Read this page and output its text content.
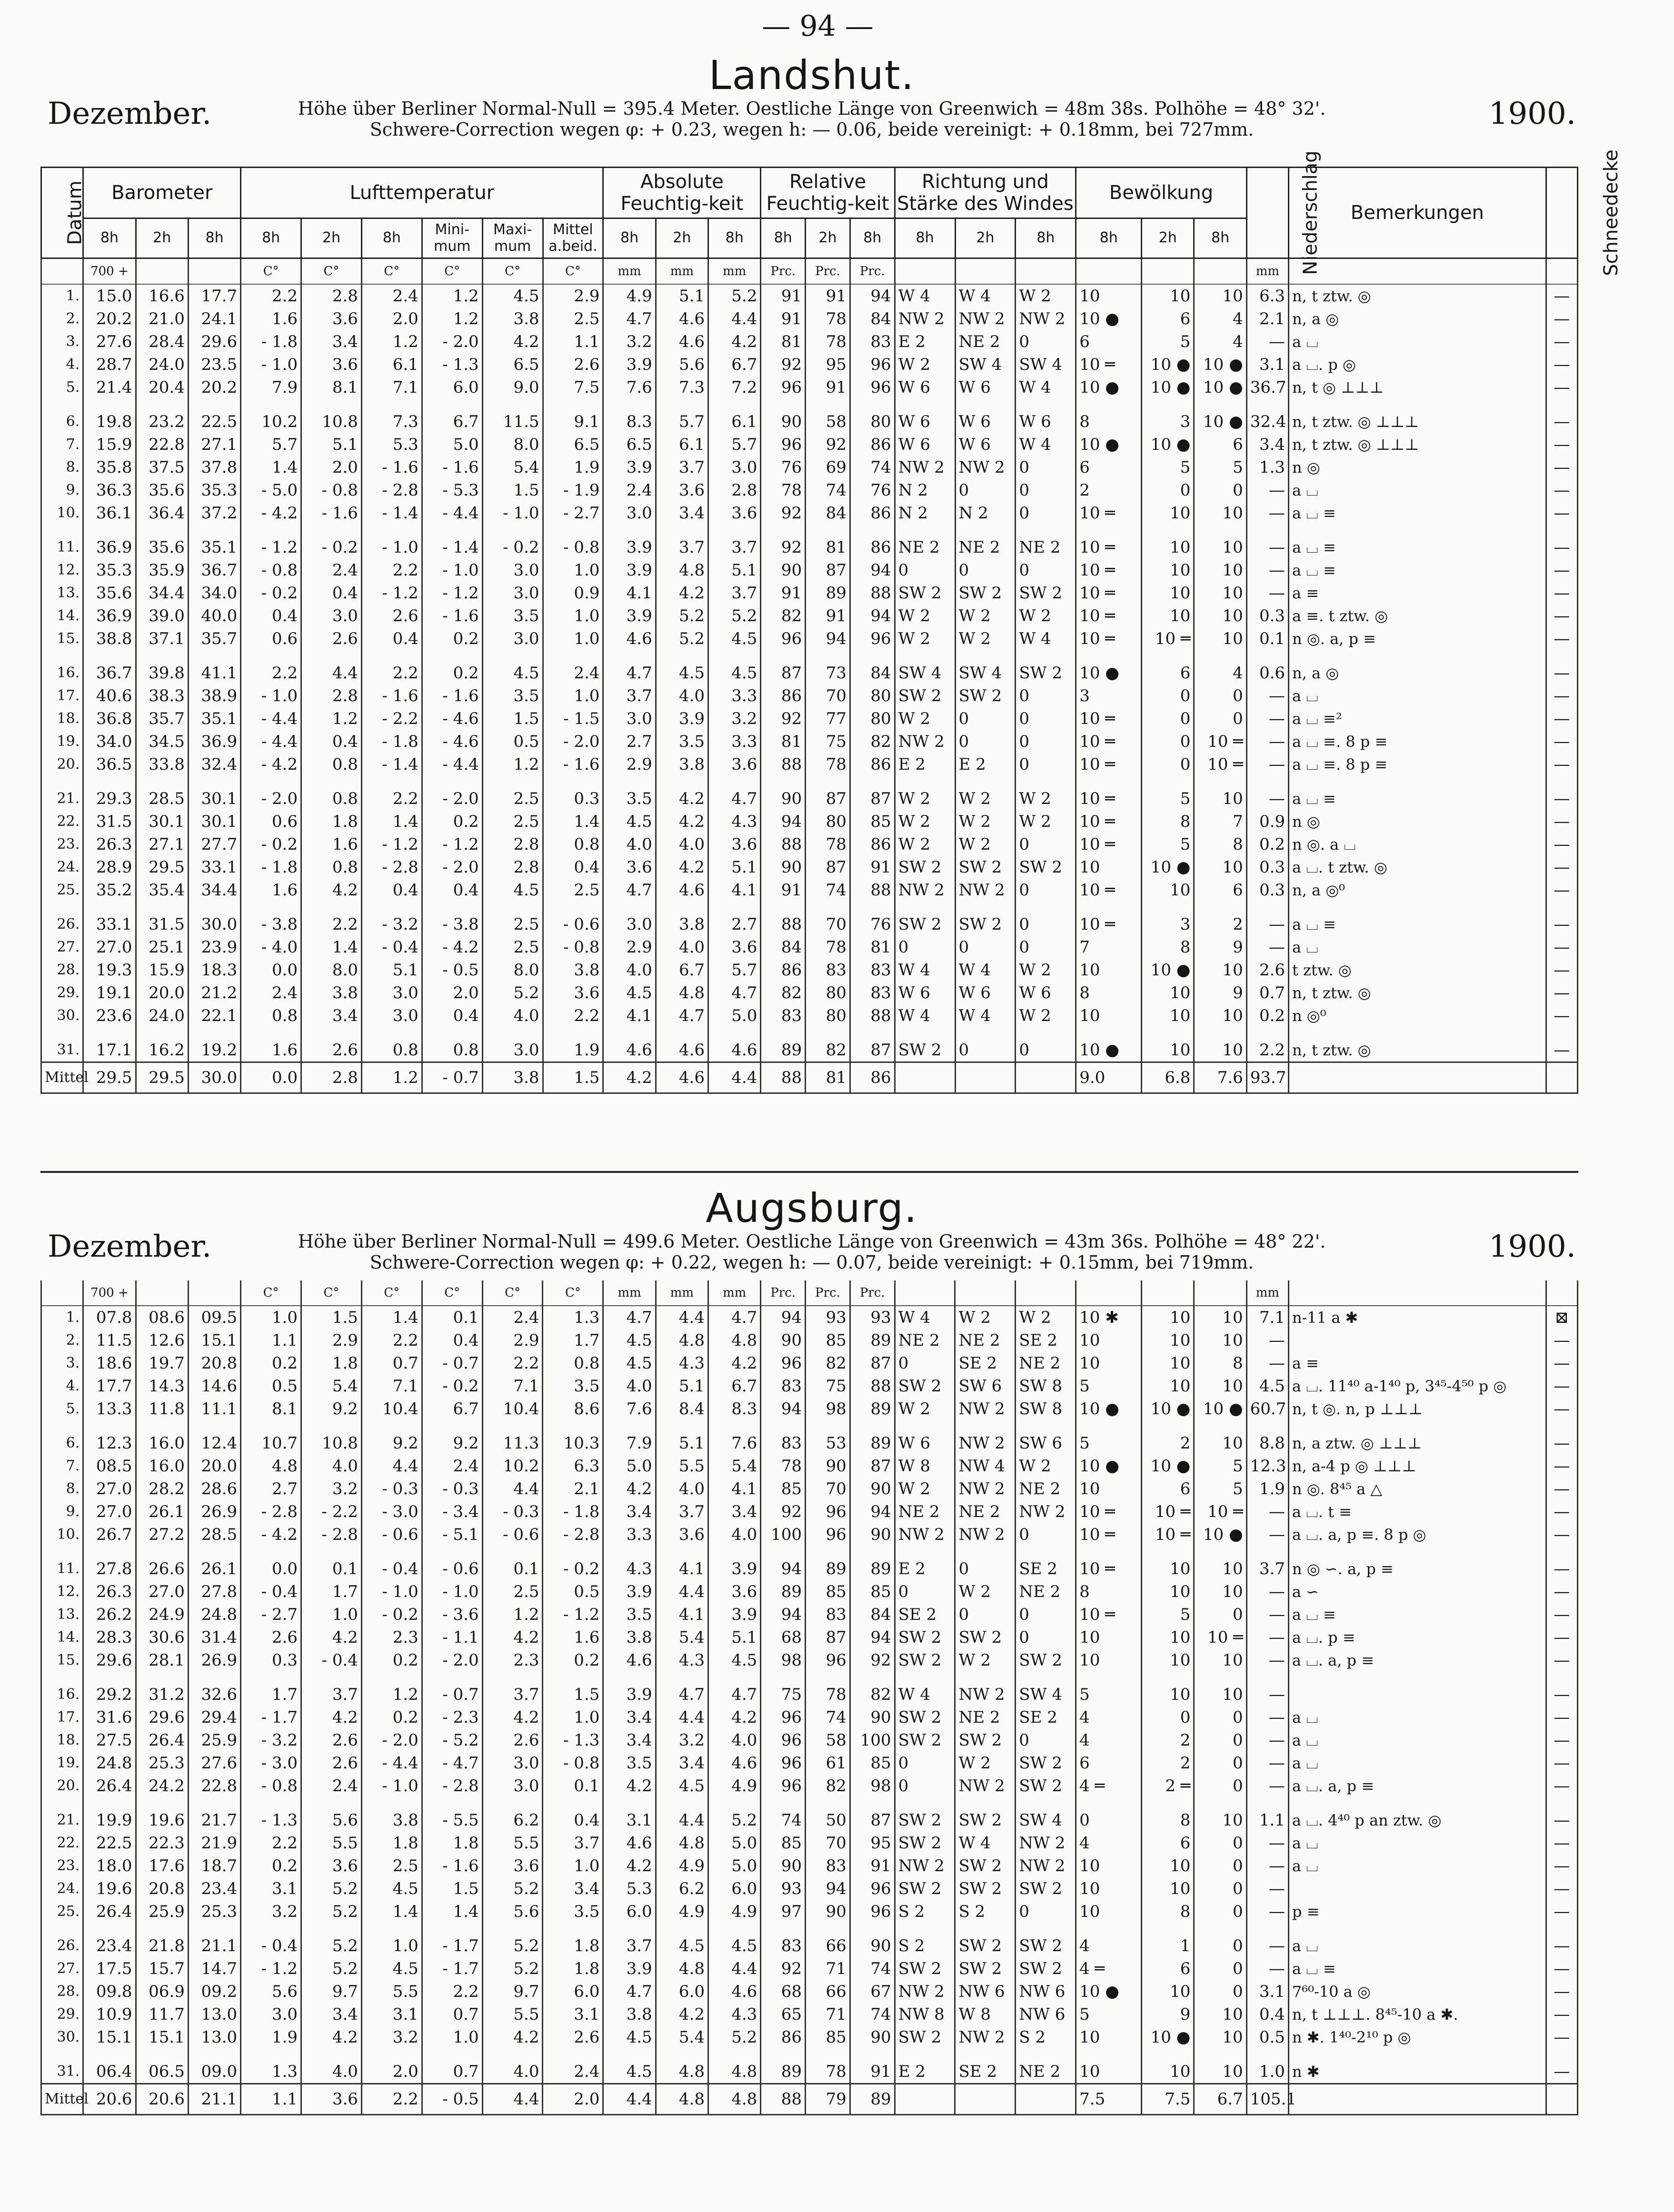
— 94 —
Landshut.
Dezember.	1900.
Höhe über Berliner Normal-Null = 395.4 Meter. Oestliche Länge von Greenwich = 48m 38s. Polhöhe = 48° 32'.
Schwere-Correction wegen φ: + 0.23, wegen h: — 0.06, beide vereinigt: + 0.18mm, bei 727mm.
Datum	Barometer			Lufttemperatur						Absolute Feuchtig-keit			Relative Feuchtig-keit			Richtung und Stärke des Windes			Bewölkung			Niederschlag	Bemerkungen	Schneedecke
	8h	2h	8h	8h	2h	8h	Mini-mum	Maxi-mum	Mittel a.beid.	8h	2h	8h	8h	2h	8h	8h	2h	8h	8h	2h	8h			
	700 +			C°	C°	C°	C°	C°	C°	mm	mm	mm	Prc.	Prc.	Prc.							mm		
1.	15.0	16.6	17.7	2.2	2.8	2.4	1.2	4.5	2.9	4.9	5.1	5.2	91	91	94	W 4	W 4	W 2	10	10	10	6.3	n, t ztw. ◎	—
2.	20.2	21.0	24.1	1.6	3.6	2.0	1.2	3.8	2.5	4.7	4.6	4.4	91	78	84	NW 2	NW 2	NW 2	10 ●	6	4	2.1	n, a ◎	—
3.	27.6	28.4	29.6	- 1.8	3.4	1.2	- 2.0	4.2	1.1	3.2	4.6	4.2	81	78	83	E 2	NE 2	0	6	5	4	—	a ⌴	—
4.	28.7	24.0	23.5	- 1.0	3.6	6.1	- 1.3	6.5	2.6	3.9	5.6	6.7	92	95	96	W 2	SW 4	SW 4	10 ═	10 ●	10 ●	3.1	a ⌴. p ◎	—
5.	21.4	20.4	20.2	7.9	8.1	7.1	6.0	9.0	7.5	7.6	7.3	7.2	96	91	96	W 6	W 6	W 4	10 ●	10 ●	10 ●	36.7	n, t ◎ ⊥⊥⊥	—

6.	19.8	23.2	22.5	10.2	10.8	7.3	6.7	11.5	9.1	8.3	5.7	6.1	90	58	80	W 6	W 6	W 6	8	3	10 ●	32.4	n, t ztw. ◎ ⊥⊥⊥	—
7.	15.9	22.8	27.1	5.7	5.1	5.3	5.0	8.0	6.5	6.5	6.1	5.7	96	92	86	W 6	W 6	W 4	10 ●	10 ●	6	3.4	n, t ztw. ◎ ⊥⊥⊥	—
8.	35.8	37.5	37.8	1.4	2.0	- 1.6	- 1.6	5.4	1.9	3.9	3.7	3.0	76	69	74	NW 2	NW 2	0	6	5	5	1.3	n ◎	—
9.	36.3	35.6	35.3	- 5.0	- 0.8	- 2.8	- 5.3	1.5	- 1.9	2.4	3.6	2.8	78	74	76	N 2	0	0	2	0	0	—	a ⌴	—
10.	36.1	36.4	37.2	- 4.2	- 1.6	- 1.4	- 4.4	- 1.0	- 2.7	3.0	3.4	3.6	92	84	86	N 2	N 2	0	10 ═	10	10	—	a ⌴ ≡	—

11.	36.9	35.6	35.1	- 1.2	- 0.2	- 1.0	- 1.4	- 0.2	- 0.8	3.9	3.7	3.7	92	81	86	NE 2	NE 2	NE 2	10 ═	10	10	—	a ⌴ ≡	—
12.	35.3	35.9	36.7	- 0.8	2.4	2.2	- 1.0	3.0	1.0	3.9	4.8	5.1	90	87	94	0	0	0	10 ═	10	10	—	a ⌴ ≡	—
13.	35.6	34.4	34.0	- 0.2	0.4	- 1.2	- 1.2	3.0	0.9	4.1	4.2	3.7	91	89	88	SW 2	SW 2	SW 2	10 ═	10	10	—	a ≡	—
14.	36.9	39.0	40.0	0.4	3.0	2.6	- 1.6	3.5	1.0	3.9	5.2	5.2	82	91	94	W 2	W 2	W 2	10 ═	10	10	0.3	a ≡. t ztw. ◎	—
15.	38.8	37.1	35.7	0.6	2.6	0.4	0.2	3.0	1.0	4.6	5.2	4.5	96	94	96	W 2	W 2	W 4	10 ═	10 ═	10	0.1	n ◎. a, p ≡	—

16.	36.7	39.8	41.1	2.2	4.4	2.2	0.2	4.5	2.4	4.7	4.5	4.5	87	73	84	SW 4	SW 4	SW 2	10 ●	6	4	0.6	n, a ◎	—
17.	40.6	38.3	38.9	- 1.0	2.8	- 1.6	- 1.6	3.5	1.0	3.7	4.0	3.3	86	70	80	SW 2	SW 2	0	3	0	0	—	a ⌴	—
18.	36.8	35.7	35.1	- 4.4	1.2	- 2.2	- 4.6	1.5	- 1.5	3.0	3.9	3.2	92	77	80	W 2	0	0	10 ═	0	0	—	a ⌴ ≡²	—
19.	34.0	34.5	36.9	- 4.4	0.4	- 1.8	- 4.6	0.5	- 2.0	2.7	3.5	3.3	81	75	82	NW 2	0	0	10 ═	0	10 ═	—	a ⌴ ≡. 8 p ≡	—
20.	36.5	33.8	32.4	- 4.2	0.8	- 1.4	- 4.4	1.2	- 1.6	2.9	3.8	3.6	88	78	86	E 2	E 2	0	10 ═	0	10 ═	—	a ⌴ ≡. 8 p ≡	—

21.	29.3	28.5	30.1	- 2.0	0.8	2.2	- 2.0	2.5	0.3	3.5	4.2	4.7	90	87	87	W 2	W 2	W 2	10 ═	5	10	—	a ⌴ ≡	—
22.	31.5	30.1	30.1	0.6	1.8	1.4	0.2	2.5	1.4	4.5	4.2	4.3	94	80	85	W 2	W 2	W 2	10 ═	8	7	0.9	n ◎	—
23.	26.3	27.1	27.7	- 0.2	1.6	- 1.2	- 1.2	2.8	0.8	4.0	4.0	3.6	88	78	86	W 2	W 2	0	10 ═	5	8	0.2	n ◎. a ⌴	—
24.	28.9	29.5	33.1	- 1.8	0.8	- 2.8	- 2.0	2.8	0.4	3.6	4.2	5.1	90	87	91	SW 2	SW 2	SW 2	10	10 ●	10	0.3	a ⌴. t ztw. ◎	—
25.	35.2	35.4	34.4	1.6	4.2	0.4	0.4	4.5	2.5	4.7	4.6	4.1	91	74	88	NW 2	NW 2	0	10 ═	10	6	0.3	n, a ◎⁰	—

26.	33.1	31.5	30.0	- 3.8	2.2	- 3.2	- 3.8	2.5	- 0.6	3.0	3.8	2.7	88	70	76	SW 2	SW 2	0	10 ═	3	2	—	a ⌴ ≡	—
27.	27.0	25.1	23.9	- 4.0	1.4	- 0.4	- 4.2	2.5	- 0.8	2.9	4.0	3.6	84	78	81	0	0	0	7	8	9	—	a ⌴	—
28.	19.3	15.9	18.3	0.0	8.0	5.1	- 0.5	8.0	3.8	4.0	6.7	5.7	86	83	83	W 4	W 4	W 2	10	10 ●	10	2.6	t ztw. ◎	—
29.	19.1	20.0	21.2	2.4	3.8	3.0	2.0	5.2	3.6	4.5	4.8	4.7	82	80	83	W 6	W 6	W 6	8	10	9	0.7	n, t ztw. ◎	—
30.	23.6	24.0	22.1	0.8	3.4	3.0	0.4	4.0	2.2	4.1	4.7	5.0	83	80	88	W 4	W 4	W 2	10	10	10	0.2	n ◎⁰	—

31.	17.1	16.2	19.2	1.6	2.6	0.8	0.8	3.0	1.9	4.6	4.6	4.6	89	82	87	SW 2	0	0	10 ●	10	10	2.2	n, t ztw. ◎	—
Mittel	29.5	29.5	30.0	0.0	2.8	1.2	- 0.7	3.8	1.5	4.2	4.6	4.4	88	81	86				9.0	6.8	7.6	93.7		
Augsburg.
Dezember.	1900.
Höhe über Berliner Normal-Null = 499.6 Meter. Oestliche Länge von Greenwich = 43m 36s. Polhöhe = 48° 22'.
Schwere-Correction wegen φ: + 0.22, wegen h: — 0.07, beide vereinigt: + 0.15mm, bei 719mm.
	700 +			C°	C°	C°	C°	C°	C°	mm	mm	mm	Prc.	Prc.	Prc.							mm		
1.	07.8	08.6	09.5	1.0	1.5	1.4	0.1	2.4	1.3	4.7	4.4	4.7	94	93	93	W 4	W 2	W 2	10 ✱	10	10	7.1	n-11 a ✱	⊠
2.	11.5	12.6	15.1	1.1	2.9	2.2	0.4	2.9	1.7	4.5	4.8	4.8	90	85	89	NE 2	NE 2	SE 2	10	10	10	—		—
3.	18.6	19.7	20.8	0.2	1.8	0.7	- 0.7	2.2	0.8	4.5	4.3	4.2	96	82	87	0	SE 2	NE 2	10	10	8	—	a ≡	—
4.	17.7	14.3	14.6	0.5	5.4	7.1	- 0.2	7.1	3.5	4.0	5.1	6.7	83	75	88	SW 2	SW 6	SW 8	5	10	10	4.5	a ⌴. 11⁴⁰ a-1⁴⁰ p, 3⁴⁵-4⁵⁰ p ◎	—
5.	13.3	11.8	11.1	8.1	9.2	10.4	6.7	10.4	8.6	7.6	8.4	8.3	94	98	89	W 2	NW 2	SW 8	10 ●	10 ●	10 ●	60.7	n, t ◎. n, p ⊥⊥⊥	—

6.	12.3	16.0	12.4	10.7	10.8	9.2	9.2	11.3	10.3	7.9	5.1	7.6	83	53	89	W 6	NW 2	SW 6	5	2	10	8.8	n, a ztw. ◎ ⊥⊥⊥	—
7.	08.5	16.0	20.0	4.8	4.0	4.4	2.4	10.2	6.3	5.0	5.5	5.4	78	90	87	W 8	NW 4	W 2	10 ●	10 ●	5	12.3	n, a-4 p ◎ ⊥⊥⊥	—
8.	27.0	28.2	28.6	2.7	3.2	- 0.3	- 0.3	4.4	2.1	4.2	4.0	4.1	85	70	90	W 2	NW 2	NE 2	10	6	5	1.9	n ◎. 8⁴⁵ a △	—
9.	27.0	26.1	26.9	- 2.8	- 2.2	- 3.0	- 3.4	- 0.3	- 1.8	3.4	3.7	3.4	92	96	94	NE 2	NE 2	NW 2	10 ═	10 ═	10 ═	—	a ⌴. t ≡	—
10.	26.7	27.2	28.5	- 4.2	- 2.8	- 0.6	- 5.1	- 0.6	- 2.8	3.3	3.6	4.0	100	96	90	NW 2	NW 2	0	10 ═	10 ═	10 ●	—	a ⌴. a, p ≡. 8 p ◎	—

11.	27.8	26.6	26.1	0.0	0.1	- 0.4	- 0.6	0.1	- 0.2	4.3	4.1	3.9	94	89	89	E 2	0	SE 2	10 ═	10	10	3.7	n ◎ ∽. a, p ≡	—
12.	26.3	27.0	27.8	- 0.4	1.7	- 1.0	- 1.0	2.5	0.5	3.9	4.4	3.6	89	85	85	0	W 2	NE 2	8	10	10	—	a ∽	—
13.	26.2	24.9	24.8	- 2.7	1.0	- 0.2	- 3.6	1.2	- 1.2	3.5	4.1	3.9	94	83	84	SE 2	0	0	10 ═	5	0	—	a ⌴ ≡	—
14.	28.3	30.6	31.4	2.6	4.2	2.3	- 1.1	4.2	1.6	3.8	5.4	5.1	68	87	94	SW 2	SW 2	0	10	10	10 ═	—	a ⌴. p ≡	—
15.	29.6	28.1	26.9	0.3	- 0.4	0.2	- 2.0	2.3	0.2	4.6	4.3	4.5	98	96	92	SW 2	W 2	SW 2	10	10	10	—	a ⌴. a, p ≡	—

16.	29.2	31.2	32.6	1.7	3.7	1.2	- 0.7	3.7	1.5	3.9	4.7	4.7	75	78	82	W 4	NW 2	SW 4	5	10	10	—		—
17.	31.6	29.6	29.4	- 1.7	4.2	0.2	- 2.3	4.2	1.0	3.4	4.4	4.2	96	74	90	SW 2	NE 2	SE 2	4	0	0	—	a ⌴	—
18.	27.5	26.4	25.9	- 3.2	2.6	- 2.0	- 5.2	2.6	- 1.3	3.4	3.2	4.0	96	58	100	SW 2	SW 2	0	4	2	0	—	a ⌴	—
19.	24.8	25.3	27.6	- 3.0	2.6	- 4.4	- 4.7	3.0	- 0.8	3.5	3.4	4.6	96	61	85	0	W 2	SW 2	6	2	0	—	a ⌴	—
20.	26.4	24.2	22.8	- 0.8	2.4	- 1.0	- 2.8	3.0	0.1	4.2	4.5	4.9	96	82	98	0	NW 2	SW 2	4 ═	2 ═	0	—	a ⌴. a, p ≡	—

21.	19.9	19.6	21.7	- 1.3	5.6	3.8	- 5.5	6.2	0.4	3.1	4.4	5.2	74	50	87	SW 2	SW 2	SW 4	0	8	10	1.1	a ⌴. 4⁴⁰ p an ztw. ◎	—
22.	22.5	22.3	21.9	2.2	5.5	1.8	1.8	5.5	3.7	4.6	4.8	5.0	85	70	95	SW 2	W 4	NW 2	4	6	0	—	a ⌴	—
23.	18.0	17.6	18.7	0.2	3.6	2.5	- 1.6	3.6	1.0	4.2	4.9	5.0	90	83	91	NW 2	SW 2	NW 2	10	10	0	—	a ⌴	—
24.	19.6	20.8	23.4	3.1	5.2	4.5	1.5	5.2	3.4	5.3	6.2	6.0	93	94	96	SW 2	SW 2	SW 2	10	10	0	—		—
25.	26.4	25.9	25.3	3.2	5.2	1.4	1.4	5.6	3.5	6.0	4.9	4.9	97	90	96	S 2	S 2	0	10	8	0	—	p ≡	—

26.	23.4	21.8	21.1	- 0.4	5.2	1.0	- 1.7	5.2	1.8	3.7	4.5	4.5	83	66	90	S 2	SW 2	SW 2	4	1	0	—	a ⌴	—
27.	17.5	15.7	14.7	- 1.2	5.2	4.5	- 1.7	5.2	1.8	3.9	4.8	4.4	92	71	74	SW 2	SW 2	SW 2	4 ═	6	0	—	a ⌴ ≡	—
28.	09.8	06.9	09.2	5.6	9.7	5.5	2.2	9.7	6.0	4.7	6.0	4.6	68	66	67	NW 2	NW 6	NW 6	10 ●	10	0	3.1	7⁶⁰-10 a ◎	—
29.	10.9	11.7	13.0	3.0	3.4	3.1	0.7	5.5	3.1	3.8	4.2	4.3	65	71	74	NW 8	W 8	NW 6	5	9	10	0.4	n, t ⊥⊥⊥. 8⁴⁵-10 a ✱.	—
30.	15.1	15.1	13.0	1.9	4.2	3.2	1.0	4.2	2.6	4.5	5.4	5.2	86	85	90	SW 2	NW 2	S 2	10	10 ●	10	0.5	n ✱. 1⁴⁰-2¹⁰ p ◎	—

31.	06.4	06.5	09.0	1.3	4.0	2.0	0.7	4.0	2.4	4.5	4.8	4.8	89	78	91	E 2	SE 2	NE 2	10	10	10	1.0	n ✱	—
Mittel	20.6	20.6	21.1	1.1	3.6	2.2	- 0.5	4.4	2.0	4.4	4.8	4.8	88	79	89				7.5	7.5	6.7	105.1		
